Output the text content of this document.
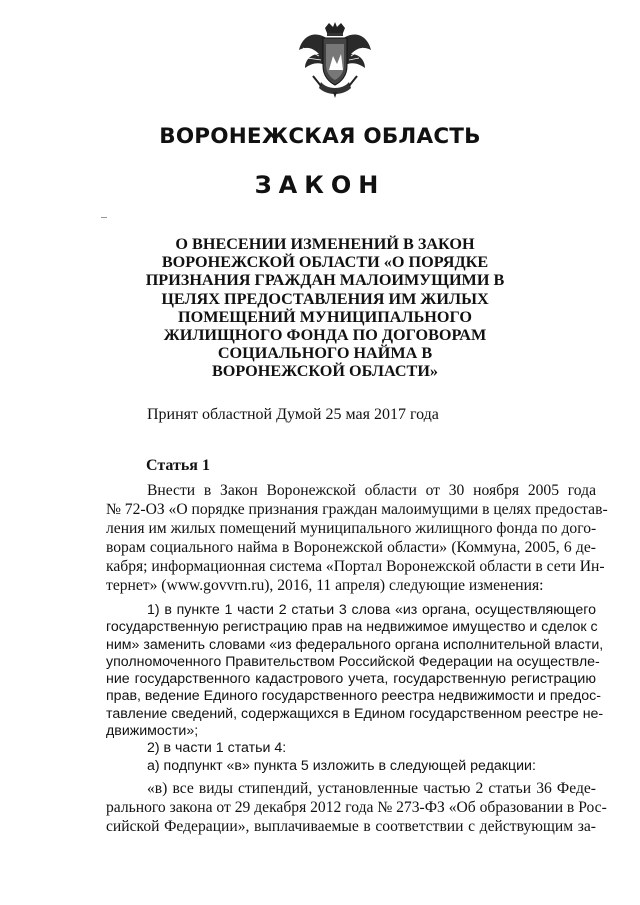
ВОРОНЕЖСКАЯ ОБЛАСТЬ
ЗАКОН
О ВНЕСЕНИИ ИЗМЕНЕНИЙ В ЗАКОН
ВОРОНЕЖСКОЙ ОБЛАСТИ «О ПОРЯДКЕ
ПРИЗНАНИЯ ГРАЖДАН МАЛОИМУЩИМИ В
ЦЕЛЯХ ПРЕДОСТАВЛЕНИЯ ИМ ЖИЛЫХ
ПОМЕЩЕНИЙ МУНИЦИПАЛЬНОГО
ЖИЛИЩНОГО ФОНДА ПО ДОГОВОРАМ
СОЦИАЛЬНОГО НАЙМА В
ВОРОНЕЖСКОЙ ОБЛАСТИ»
Принят областной Думой 25 мая 2017 года
Статья 1
Внести в Закон Воронежской области от 30 ноября 2005 года
№ 72-ОЗ «О порядке признания граждан малоимущими в целях предостав-
ления им жилых помещений муниципального жилищного фонда по дого-
ворам социального найма в Воронежской области» (Коммуна, 2005, 6 де-
кабря; информационная система «Портал Воронежской области в сети Ин-
тернет» (www.govvrn.ru), 2016, 11 апреля) следующие изменения:
1) в пункте 1 части 2 статьи 3 слова «из органа, осуществляющего
государственную регистрацию прав на недвижимое имущество и сделок с
ним» заменить словами «из федерального органа исполнительной власти,
уполномоченного Правительством Российской Федерации на осуществле-
ние государственного кадастрового учета, государственную регистрацию
прав, ведение Единого государственного реестра недвижимости и предос-
тавление сведений, содержащихся в Едином государственном реестре не-
движимости»;
2) в части 1 статьи 4:
а) подпункт «в» пункта 5 изложить в следующей редакции:
«в) все виды стипендий, установленные частью 2 статьи 36 Феде-
рального закона от 29 декабря 2012 года № 273-ФЗ «Об образовании в Рос-
сийской Федерации», выплачиваемые в соответствии с действующим за-
